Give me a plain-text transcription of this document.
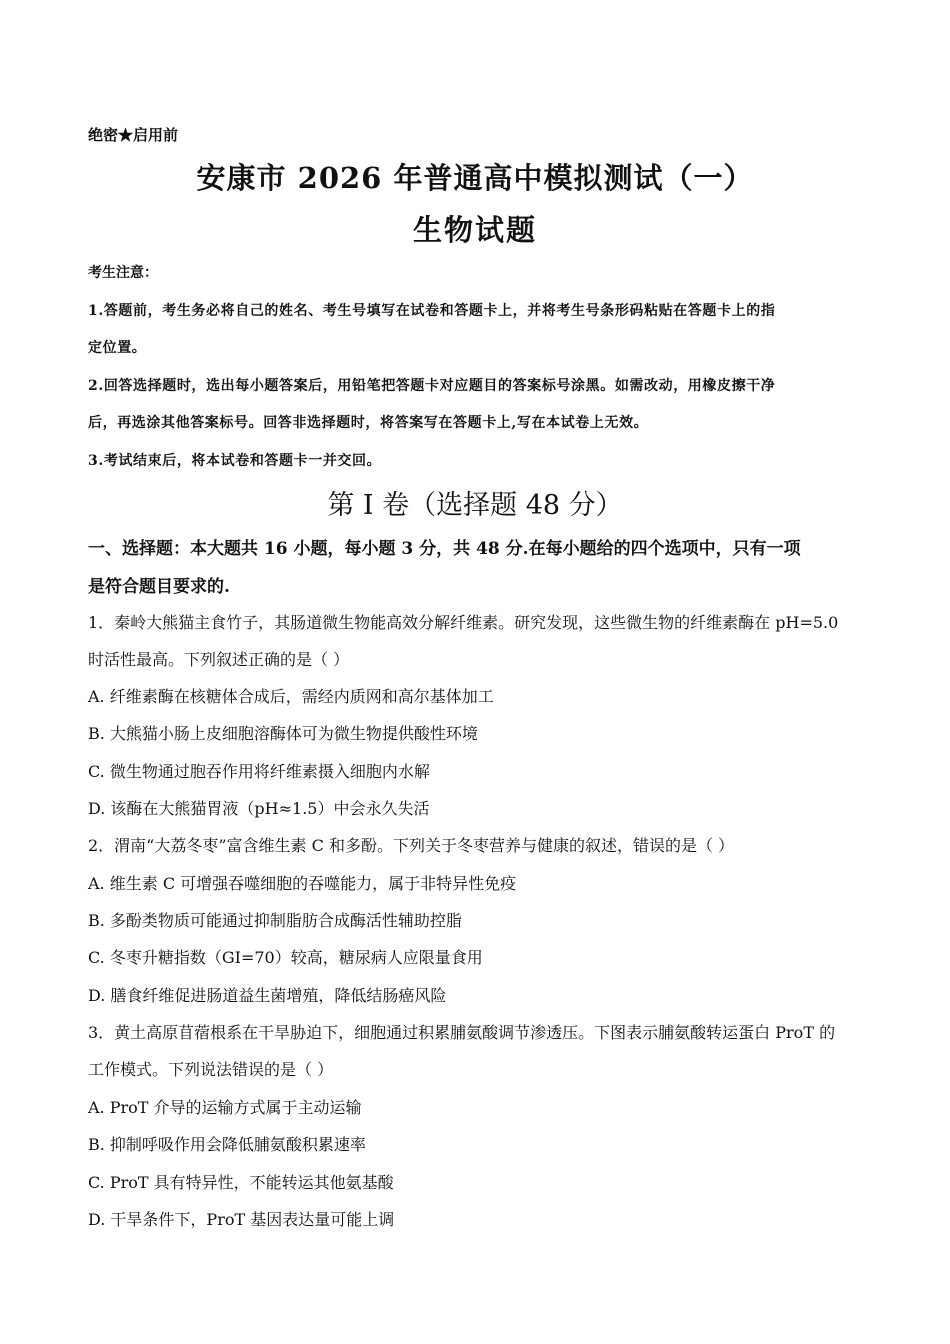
绝密★启用前
安康市 2026 年普通高中模拟测试（一）
生物试题
考生注意：
1.答题前，考生务必将自己的姓名、考生号填写在试卷和答题卡上，并将考生号条形码粘贴在答题卡上的指
定位置。
2.回答选择题时，选出每小题答案后，用铅笔把答题卡对应题目的答案标号涂黑。如需改动，用橡皮擦干净
后，再选涂其他答案标号。回答非选择题时，将答案写在答题卡上,写在本试卷上无效。
3.考试结束后，将本试卷和答题卡一并交回。
第 I 卷（选择题 48 分）
一、选择题：本大题共 16 小题，每小题 3 分，共 48 分.在每小题给的四个选项中，只有一项
是符合题目要求的.
1．秦岭大熊猫主食竹子，其肠道微生物能高效分解纤维素。研究发现，这些微生物的纤维素酶在 pH=5.0
时活性最高。下列叙述正确的是（ ）
A. 纤维素酶在核糖体合成后，需经内质网和高尔基体加工
B. 大熊猫小肠上皮细胞溶酶体可为微生物提供酸性环境
C. 微生物通过胞吞作用将纤维素摄入细胞内水解
D. 该酶在大熊猫胃液（pH≈1.5）中会永久失活
2．渭南“大荔冬枣”富含维生素 C 和多酚。下列关于冬枣营养与健康的叙述，错误的是（ ）
A. 维生素 C 可增强吞噬细胞的吞噬能力，属于非特异性免疫
B. 多酚类物质可能通过抑制脂肪合成酶活性辅助控脂
C. 冬枣升糖指数（GI=70）较高，糖尿病人应限量食用
D. 膳食纤维促进肠道益生菌增殖，降低结肠癌风险
3．黄土高原苜蓿根系在干旱胁迫下，细胞通过积累脯氨酸调节渗透压。下图表示脯氨酸转运蛋白 ProT 的
工作模式。下列说法错误的是（ ）
A. ProT 介导的运输方式属于主动运输
B. 抑制呼吸作用会降低脯氨酸积累速率
C. ProT 具有特异性，不能转运其他氨基酸
D. 干旱条件下，ProT 基因表达量可能上调
